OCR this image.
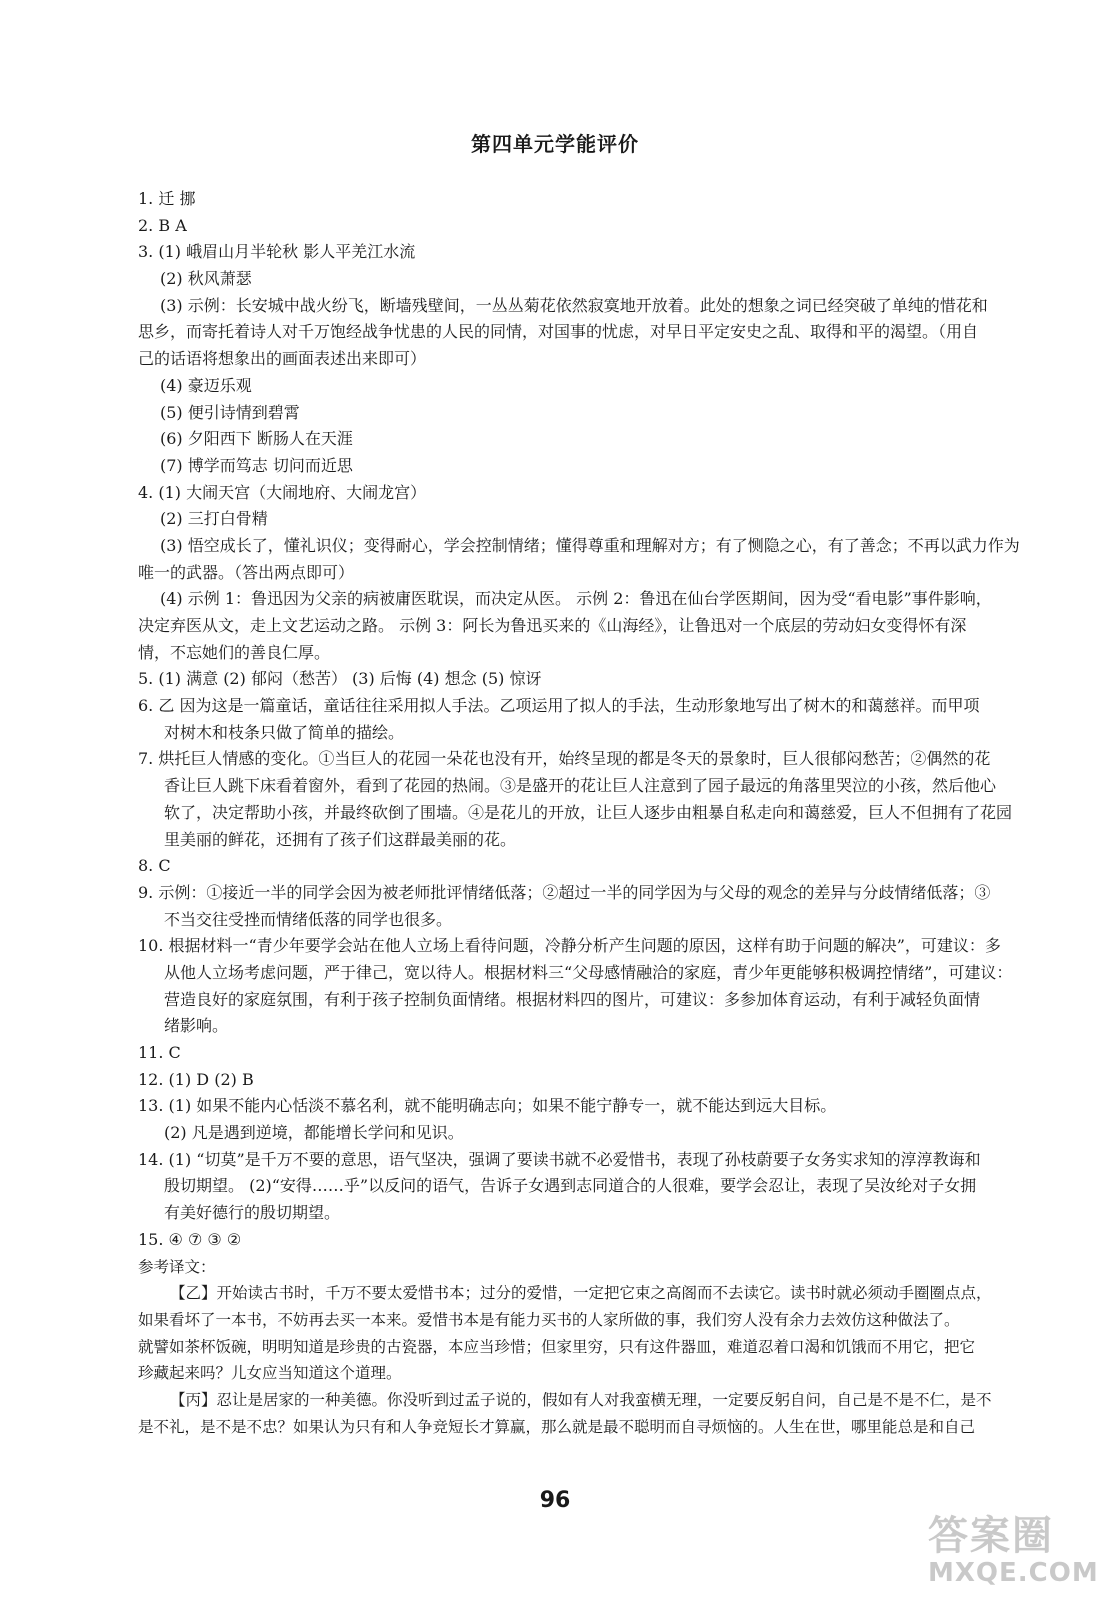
第四单元学能评价
1. 迁 挪
2. B A
3. (1) 峨眉山月半轮秋 影人平羌江水流
(2) 秋风萧瑟
(3) 示例：长安城中战火纷飞，断墙残壁间，一丛丛菊花依然寂寞地开放着。此处的想象之词已经突破了单纯的惜花和
思乡，而寄托着诗人对千万饱经战争忧患的人民的同情，对国事的忧虑，对早日平定安史之乱、取得和平的渴望。（用自
己的话语将想象出的画面表述出来即可）
(4) 豪迈乐观
(5) 便引诗情到碧霄
(6) 夕阳西下 断肠人在天涯
(7) 博学而笃志 切问而近思
4. (1) 大闹天宫（大闹地府、大闹龙宫）
(2) 三打白骨精
(3) 悟空成长了，懂礼识仪；变得耐心，学会控制情绪；懂得尊重和理解对方；有了恻隐之心，有了善念；不再以武力作为
唯一的武器。（答出两点即可）
(4) 示例 1：鲁迅因为父亲的病被庸医耽误，而决定从医。 示例 2：鲁迅在仙台学医期间，因为受“看电影”事件影响，
决定弃医从文，走上文艺运动之路。 示例 3：阿长为鲁迅买来的《山海经》，让鲁迅对一个底层的劳动妇女变得怀有深
情，不忘她们的善良仁厚。
5. (1) 满意 (2) 郁闷（愁苦） (3) 后悔 (4) 想念 (5) 惊讶
6. 乙 因为这是一篇童话，童话往往采用拟人手法。乙项运用了拟人的手法，生动形象地写出了树木的和蔼慈祥。而甲项
对树木和枝条只做了简单的描绘。
7. 烘托巨人情感的变化。①当巨人的花园一朵花也没有开，始终呈现的都是冬天的景象时，巨人很郁闷愁苦；②偶然的花
香让巨人跳下床看着窗外，看到了花园的热闹。③是盛开的花让巨人注意到了园子最远的角落里哭泣的小孩，然后他心
软了，决定帮助小孩，并最终砍倒了围墙。④是花儿的开放，让巨人逐步由粗暴自私走向和蔼慈爱，巨人不但拥有了花园
里美丽的鲜花，还拥有了孩子们这群最美丽的花。
8. C
9. 示例：①接近一半的同学会因为被老师批评情绪低落；②超过一半的同学因为与父母的观念的差异与分歧情绪低落；③
不当交往受挫而情绪低落的同学也很多。
10. 根据材料一“青少年要学会站在他人立场上看待问题，冷静分析产生问题的原因，这样有助于问题的解决”，可建议：多
从他人立场考虑问题，严于律己，宽以待人。根据材料三“父母感情融洽的家庭，青少年更能够积极调控情绪”，可建议：
营造良好的家庭氛围，有利于孩子控制负面情绪。根据材料四的图片，可建议：多参加体育运动，有利于减轻负面情
绪影响。
11. C
12. (1) D (2) B
13. (1) 如果不能内心恬淡不慕名利，就不能明确志向；如果不能宁静专一，就不能达到远大目标。
(2) 凡是遇到逆境，都能增长学问和见识。
14. (1) “切莫”是千万不要的意思，语气坚决，强调了要读书就不必爱惜书，表现了孙枝蔚要子女务实求知的淳淳教诲和
殷切期望。 (2)“安得……乎”以反问的语气，告诉子女遇到志同道合的人很难，要学会忍让，表现了吴汝纶对子女拥
有美好德行的殷切期望。
15. ④ ⑦ ③ ②
参考译文：
【乙】开始读古书时，千万不要太爱惜书本；过分的爱惜，一定把它束之高阁而不去读它。读书时就必须动手圈圈点点，
如果看坏了一本书，不妨再去买一本来。爱惜书本是有能力买书的人家所做的事，我们穷人没有余力去效仿这种做法了。
就譬如茶杯饭碗，明明知道是珍贵的古瓷器，本应当珍惜；但家里穷，只有这件器皿，难道忍着口渴和饥饿而不用它，把它
珍藏起来吗？儿女应当知道这个道理。
【丙】忍让是居家的一种美德。你没听到过孟子说的，假如有人对我蛮横无理，一定要反躬自问，自己是不是不仁，是不
是不礼，是不是不忠？如果认为只有和人争竞短长才算赢，那么就是最不聪明而自寻烦恼的。人生在世，哪里能总是和自己
96
答案圈
MXQE.COM
